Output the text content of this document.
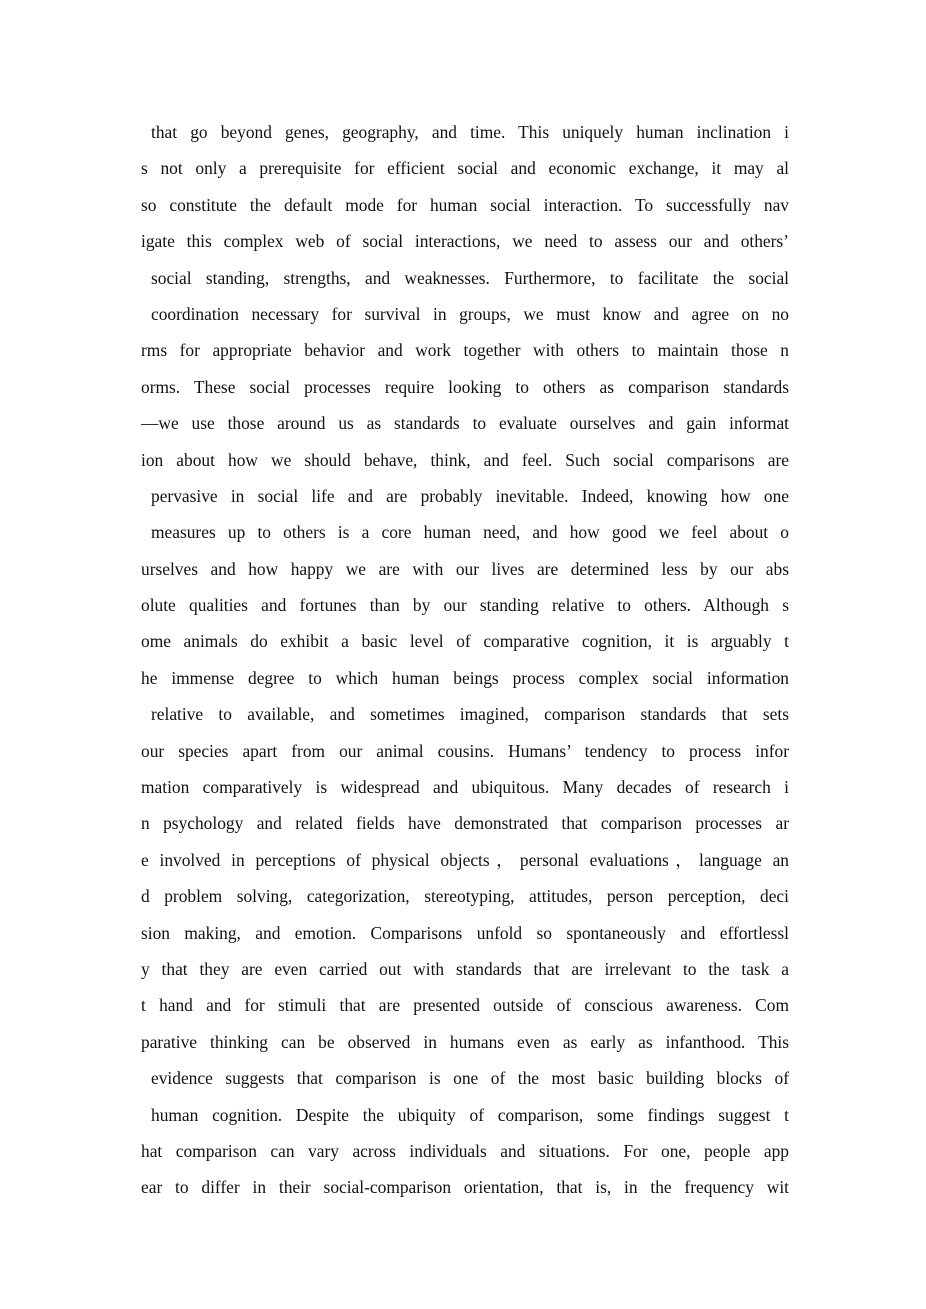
that go beyond genes, geography, and time. This uniquely human inclination i
s not only a prerequisite for efficient social and economic exchange, it may al
so constitute the default mode for human social interaction. To successfully nav
igate this complex web of social interactions, we need to assess our and others’
social standing, strengths, and weaknesses. Furthermore, to facilitate the social
coordination necessary for survival in groups, we must know and agree on no
rms for appropriate behavior and work together with others to maintain those n
orms. These social processes require looking to others as comparison standards
—we use those around us as standards to evaluate ourselves and gain informat
ion about how we should behave, think, and feel. Such social comparisons are
pervasive in social life and are probably inevitable. Indeed, knowing how one
measures up to others is a core human need, and how good we feel about o
urselves and how happy we are with our lives are determined less by our abs
olute qualities and fortunes than by our standing relative to others. Although s
ome animals do exhibit a basic level of comparative cognition, it is arguably t
he immense degree to which human beings process complex social information
relative to available, and sometimes imagined, comparison standards that sets
our species apart from our animal cousins. Humans’ tendency to process infor
mation comparatively is widespread and ubiquitous. Many decades of research i
n psychology and related fields have demonstrated that comparison processes ar
e involved in perceptions of physical objects，personal evaluations，language an
d problem solving, categorization, stereotyping, attitudes, person perception, deci
sion making, and emotion. Comparisons unfold so spontaneously and effortlessl
y that they are even carried out with standards that are irrelevant to the task a
t hand and for stimuli that are presented outside of conscious awareness. Com
parative thinking can be observed in humans even as early as infanthood. This
evidence suggests that comparison is one of the most basic building blocks of
human cognition. Despite the ubiquity of comparison, some findings suggest t
hat comparison can vary across individuals and situations. For one, people app
ear to differ in their social-comparison orientation, that is, in the frequency wit
